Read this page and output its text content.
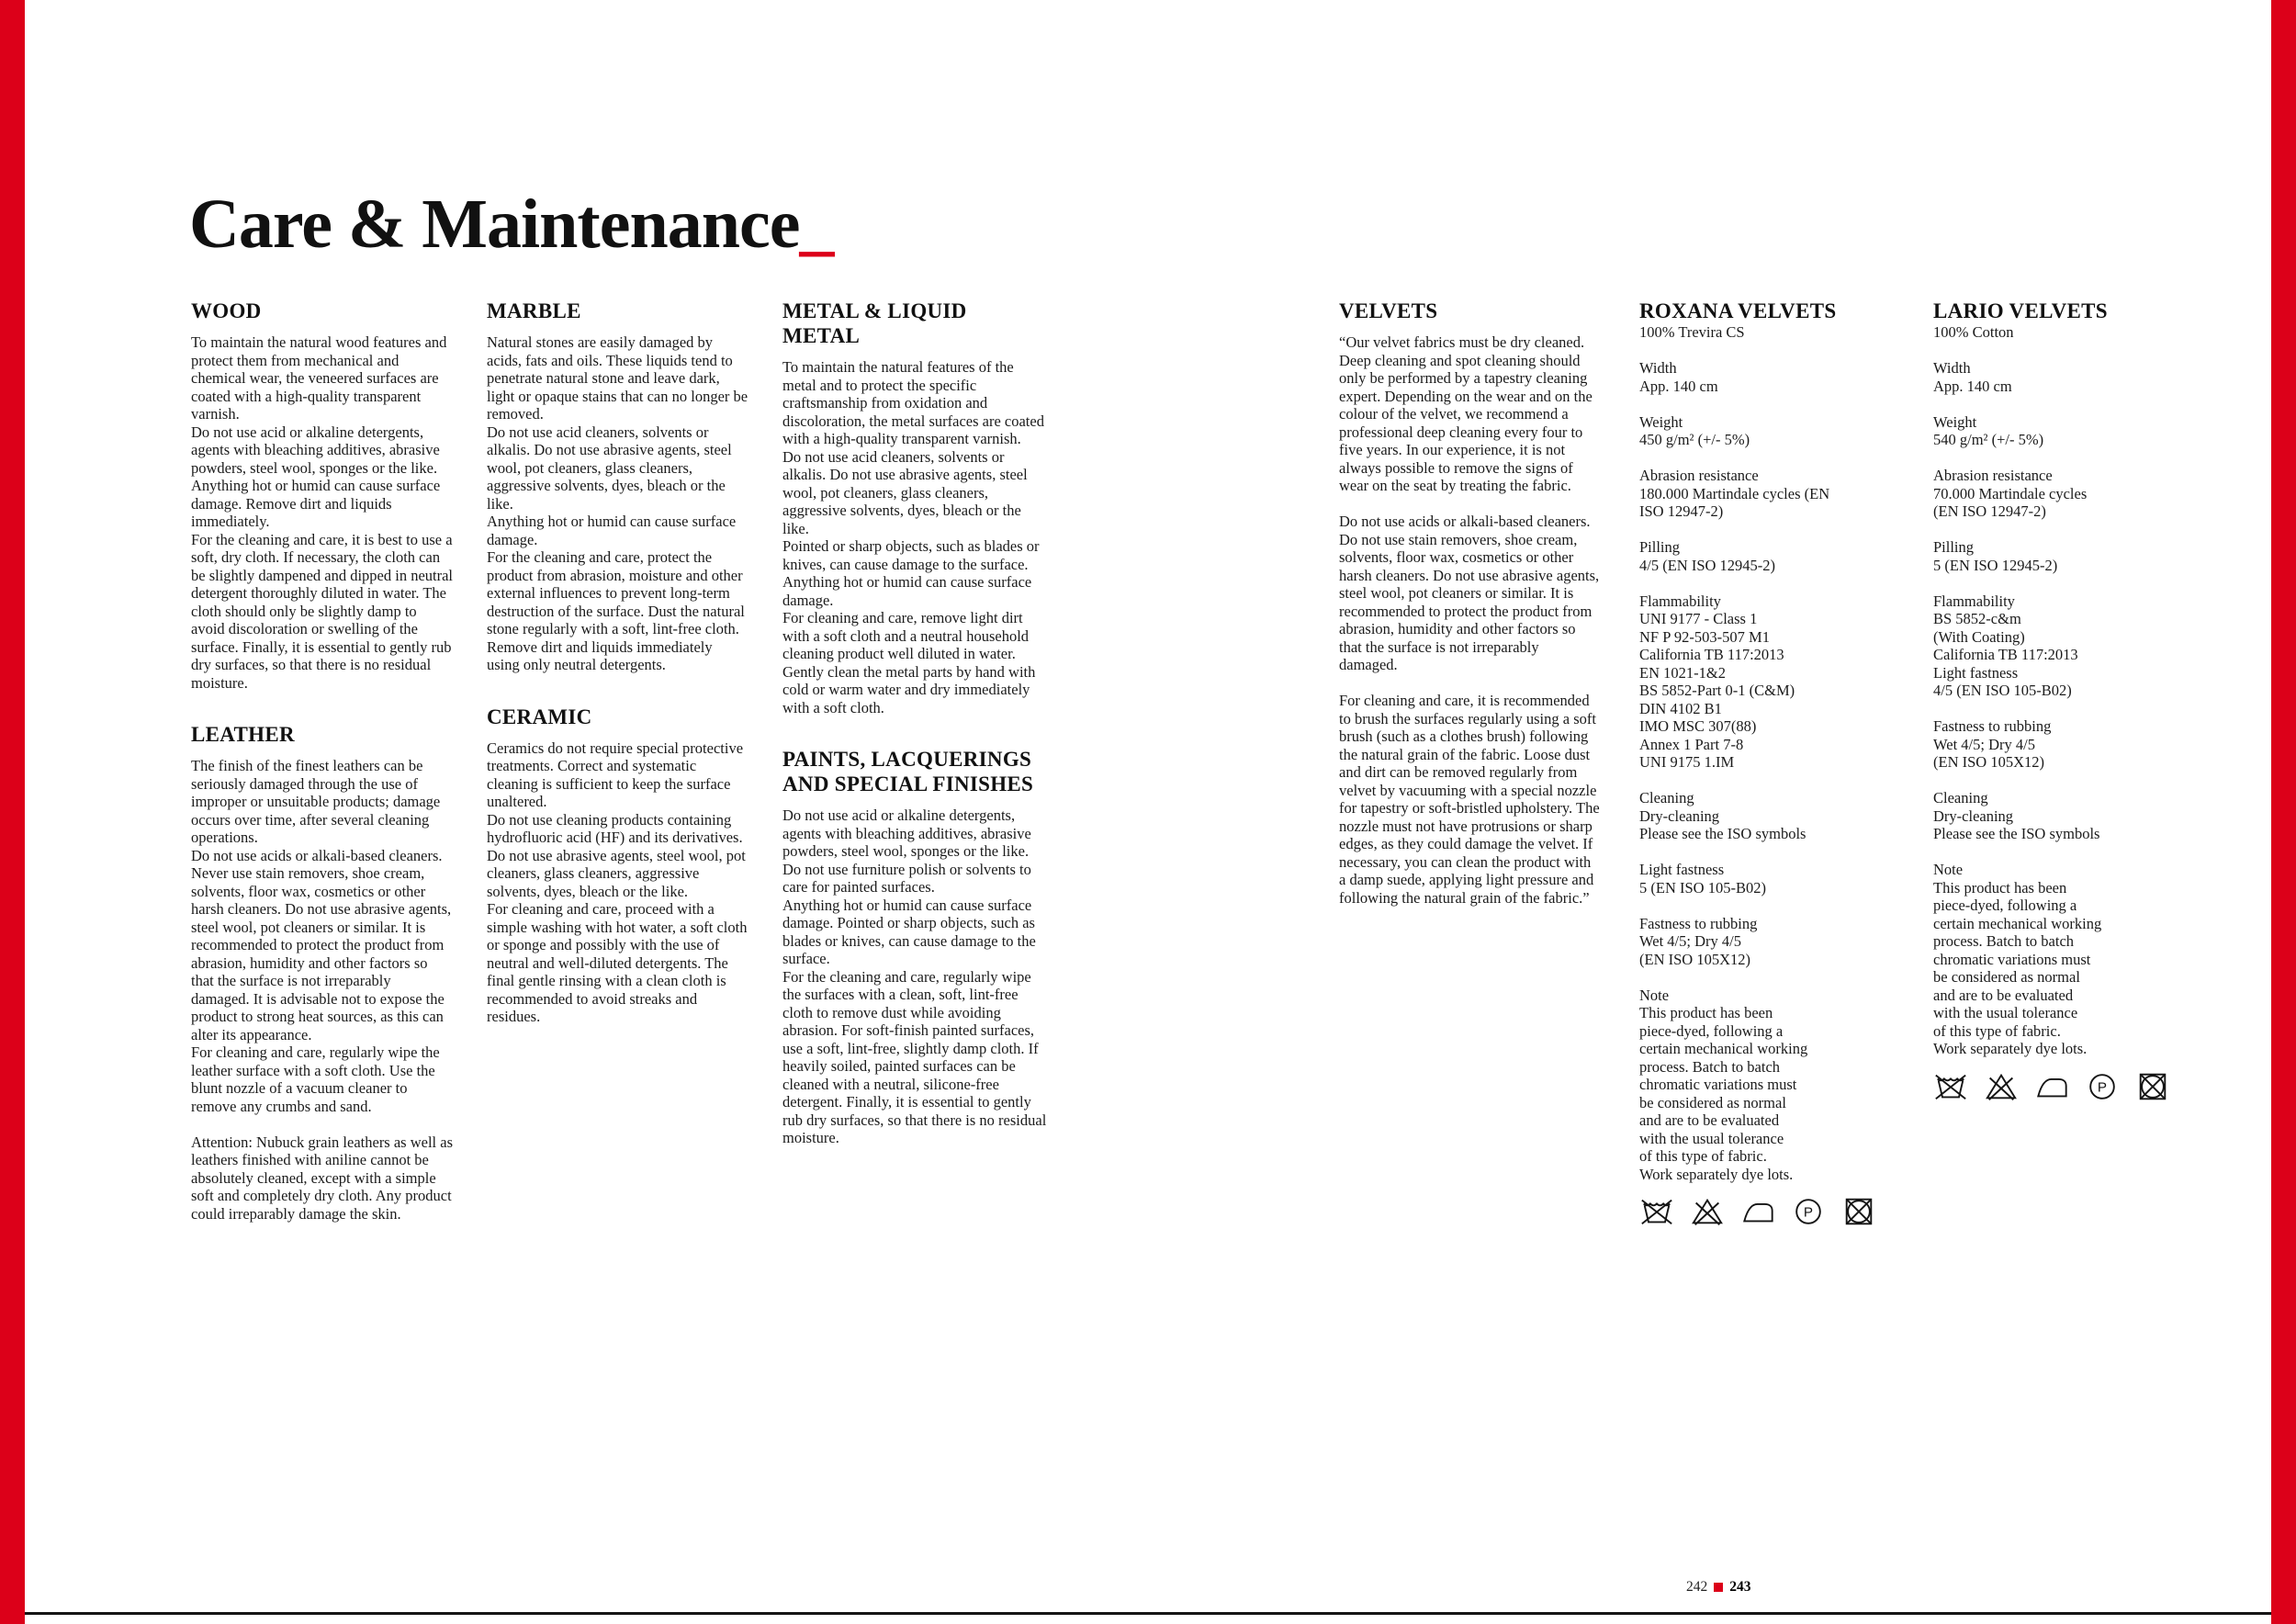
Care & Maintenance_
WOOD

To maintain the natural wood features and protect them from mechanical and chemical wear, the veneered surfaces are coated with a high-quality transparent varnish.

Do not use acid or alkaline detergents, agents with bleaching additives, abrasive powders, steel wool, sponges or the like. Anything hot or humid can cause surface damage. Remove dirt and liquids immediately.

For the cleaning and care, it is best to use a soft, dry cloth. If necessary, the cloth can be slightly dampened and dipped in neutral detergent thoroughly diluted in water. The cloth should only be slightly damp to avoid discoloration or swelling of the surface. Finally, it is essential to gently rub dry surfaces, so that there is no residual moisture.

LEATHER

The finish of the finest leathers can be seriously damaged through the use of improper or unsuitable products; damage occurs over time, after several cleaning operations.

Do not use acids or alkali-based cleaners. Never use stain removers, shoe cream, solvents, floor wax, cosmetics or other harsh cleaners. Do not use abrasive agents, steel wool, pot cleaners or similar. It is recommended to protect the product from abrasion, humidity and other factors so that the surface is not irreparably damaged. It is advisable not to expose the product to strong heat sources, as this can alter its appearance.

For cleaning and care, regularly wipe the leather surface with a soft cloth. Use the blunt nozzle of a vacuum cleaner to remove any crumbs and sand.

Attention: Nubuck grain leathers as well as leathers finished with aniline cannot be absolutely cleaned, except with a simple soft and completely dry cloth. Any product could irreparably damage the skin.

MARBLE

Natural stones are easily damaged by acids, fats and oils. These liquids tend to penetrate natural stone and leave dark, light or opaque stains that can no longer be removed.

Do not use acid cleaners, solvents or alkalis. Do not use abrasive agents, steel wool, pot cleaners, glass cleaners, aggressive solvents, dyes, bleach or the like.

Anything hot or humid can cause surface damage.

For the cleaning and care, protect the product from abrasion, moisture and other external influences to prevent long-term destruction of the surface. Dust the natural stone regularly with a soft, lint-free cloth. Remove dirt and liquids immediately using only neutral detergents.

CERAMIC

Ceramics do not require special protective treatments. Correct and systematic cleaning is sufficient to keep the surface unaltered.

Do not use cleaning products containing hydrofluoric acid (HF) and its derivatives. Do not use abrasive agents, steel wool, pot cleaners, glass cleaners, aggressive solvents, dyes, bleach or the like.

For cleaning and care, proceed with a simple washing with hot water, a soft cloth or sponge and possibly with the use of neutral and well-diluted detergents. The final gentle rinsing with a clean cloth is recommended to avoid streaks and residues.

METAL & LIQUID
METAL

To maintain the natural features of the metal and to protect the specific craftsmanship from oxidation and discoloration, the metal surfaces are coated with a high-quality transparent varnish.

Do not use acid cleaners, solvents or alkalis. Do not use abrasive agents, steel wool, pot cleaners, glass cleaners, aggressive solvents, dyes, bleach or the like.

Pointed or sharp objects, such as blades or knives, can cause damage to the surface. Anything hot or humid can cause surface damage.

For cleaning and care, remove light dirt with a soft cloth and a neutral household cleaning product well diluted in water. Gently clean the metal parts by hand with cold or warm water and dry immediately with a soft cloth.

PAINTS, LACQUERINGS
AND SPECIAL FINISHES

Do not use acid or alkaline detergents, agents with bleaching additives, abrasive powders, steel wool, sponges or the like. Do not use furniture polish or solvents to care for painted surfaces.

Anything hot or humid can cause surface damage. Pointed or sharp objects, such as blades or knives, can cause damage to the surface.

For the cleaning and care, regularly wipe the surfaces with a clean, soft, lint-free cloth to remove dust while avoiding abrasion. For soft-finish painted surfaces, use a soft, lint-free, slightly damp cloth. If heavily soiled, painted surfaces can be cleaned with a neutral, silicone-free detergent. Finally, it is essential to gently rub dry surfaces, so that there is no residual moisture.

VELVETS

“Our velvet fabrics must be dry cleaned. Deep cleaning and spot cleaning should only be performed by a tapestry cleaning expert. Depending on the wear and on the colour of the velvet, we recommend a professional deep cleaning every four to five years. In our experience, it is not always possible to remove the signs of wear on the seat by treating the fabric.

Do not use acids or alkali-based cleaners. Do not use stain removers, shoe cream, solvents, floor wax, cosmetics or other harsh cleaners. Do not use abrasive agents, steel wool, pot cleaners or similar. It is recommended to protect the product from abrasion, humidity and other factors so that the surface is not irreparably damaged.

For cleaning and care, it is recommended to brush the surfaces regularly using a soft brush (such as a clothes brush) following the natural grain of the fabric. Loose dust and dirt can be removed regularly from velvet by vacuuming with a special nozzle for tapestry or soft-bristled upholstery. The nozzle must not have protrusions or sharp edges, as they could damage the velvet. If necessary, you can clean the product with a damp suede, applying light pressure and following the natural grain of the fabric.”

ROXANA VELVETS
100% Trevira CS
Width
App. 140 cm
Weight
450 g/m² (+/- 5%)
Abrasion resistance
180.000 Martindale cycles (EN
ISO 12947-2)
Pilling
4/5 (EN ISO 12945-2)
Flammability
UNI 9177 - Class 1
NF P 92-503-507 M1
California TB 117:2013
EN 1021-1&2
BS 5852-Part 0-1 (C&M)
DIN 4102 B1
IMO MSC 307(88)
Annex 1 Part 7-8
UNI 9175 1.IM
Cleaning
Dry-cleaning
Please see the ISO symbols
Light fastness
5 (EN ISO 105-B02)
Fastness to rubbing
Wet 4/5; Dry 4/5
(EN ISO 105X12)
Note
This product has been
piece-dyed, following a
certain mechanical working
process. Batch to batch
chromatic variations must
be considered as normal
and are to be evaluated
with the usual tolerance
of this type of fabric.
Work separately dye lots.
LARIO VELVETS
100% Cotton
Width
App. 140 cm
Weight
540 g/m² (+/- 5%)
Abrasion resistance
70.000 Martindale cycles
(EN ISO 12947-2)
Pilling
5 (EN ISO 12945-2)
Flammability
BS 5852-c&m
(With Coating)
California TB 117:2013
Light fastness
4/5 (EN ISO 105-B02)
Fastness to rubbing
Wet 4/5; Dry 4/5
(EN ISO 105X12)
Cleaning
Dry-cleaning
Please see the ISO symbols
Note
This product has been
piece-dyed, following a
certain mechanical working
process. Batch to batch
chromatic variations must
be considered as normal
and are to be evaluated
with the usual tolerance
of this type of fabric.
Work separately dye lots.
242 243
